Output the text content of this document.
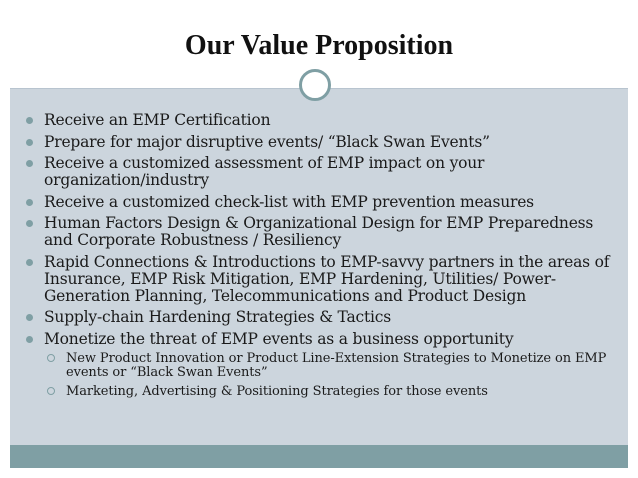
Our Value Proposition
Receive an EMP Certification
Prepare for major disruptive events/ “Black Swan Events”
Receive a customized assessment of EMP impact on your organization/industry
Receive a customized check-list with EMP prevention measures
Human Factors Design & Organizational Design for EMP Preparedness and Corporate Robustness / Resiliency
Rapid Connections & Introductions to EMP-savvy partners in the areas of Insurance, EMP Risk Mitigation, EMP Hardening, Utilities/ Power- Generation Planning, Telecommunications and Product Design
Supply-chain Hardening Strategies & Tactics
Monetize the threat of EMP events as a business opportunity
New Product Innovation or Product Line-Extension Strategies to Monetize on EMP events or “Black Swan Events”
Marketing, Advertising & Positioning Strategies for those events
